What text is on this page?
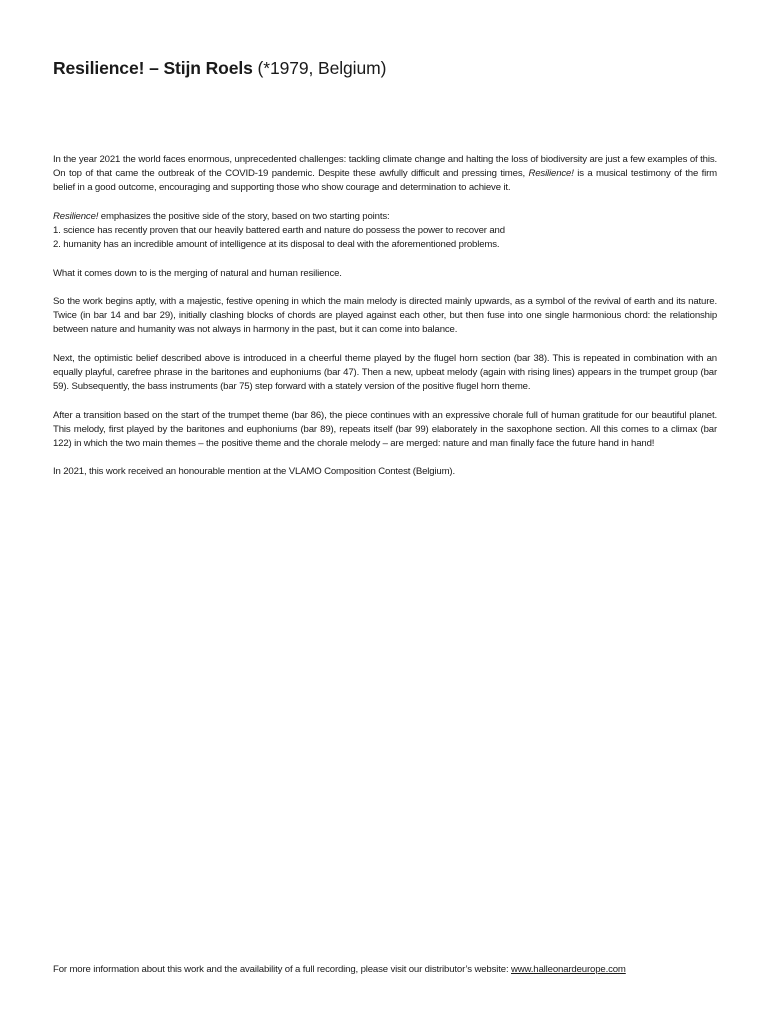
Resilience! – Stijn Roels (*1979, Belgium)

In the year 2021 the world faces enormous, unprecedented challenges: tackling climate change and halting the loss of biodiversity are just a few examples of this. On top of that came the outbreak of the COVID-19 pandemic. Despite these awfully difficult and pressing times, Resilience! is a musical testimony of the firm belief in a good outcome, encouraging and supporting those who show courage and determination to achieve it.

Resilience! emphasizes the positive side of the story, based on two starting points:
1. science has recently proven that our heavily battered earth and nature do possess the power to recover and
2. humanity has an incredible amount of intelligence at its disposal to deal with the aforementioned problems.

What it comes down to is the merging of natural and human resilience.

So the work begins aptly, with a majestic, festive opening in which the main melody is directed mainly upwards, as a symbol of the revival of earth and its nature. Twice (in bar 14 and bar 29), initially clashing blocks of chords are played against each other, but then fuse into one single harmonious chord: the relationship between nature and humanity was not always in harmony in the past, but it can come into balance.

Next, the optimistic belief described above is introduced in a cheerful theme played by the flugel horn section (bar 38). This is repeated in combination with an equally playful, carefree phrase in the baritones and euphoniums (bar 47). Then a new, upbeat melody (again with rising lines) appears in the trumpet group (bar 59). Subsequently, the bass instruments (bar 75) step forward with a stately version of the positive flugel horn theme.

After a transition based on the start of the trumpet theme (bar 86), the piece continues with an expressive chorale full of human gratitude for our beautiful planet. This melody, first played by the baritones and euphoniums (bar 89), repeats itself (bar 99) elaborately in the saxophone section. All this comes to a climax (bar 122) in which the two main themes – the positive theme and the chorale melody – are merged: nature and man finally face the future hand in hand!

In 2021, this work received an honourable mention at the VLAMO Composition Contest (Belgium).

For more information about this work and the availability of a full recording, please visit our distributor’s website: www.halleonardeurope.com
